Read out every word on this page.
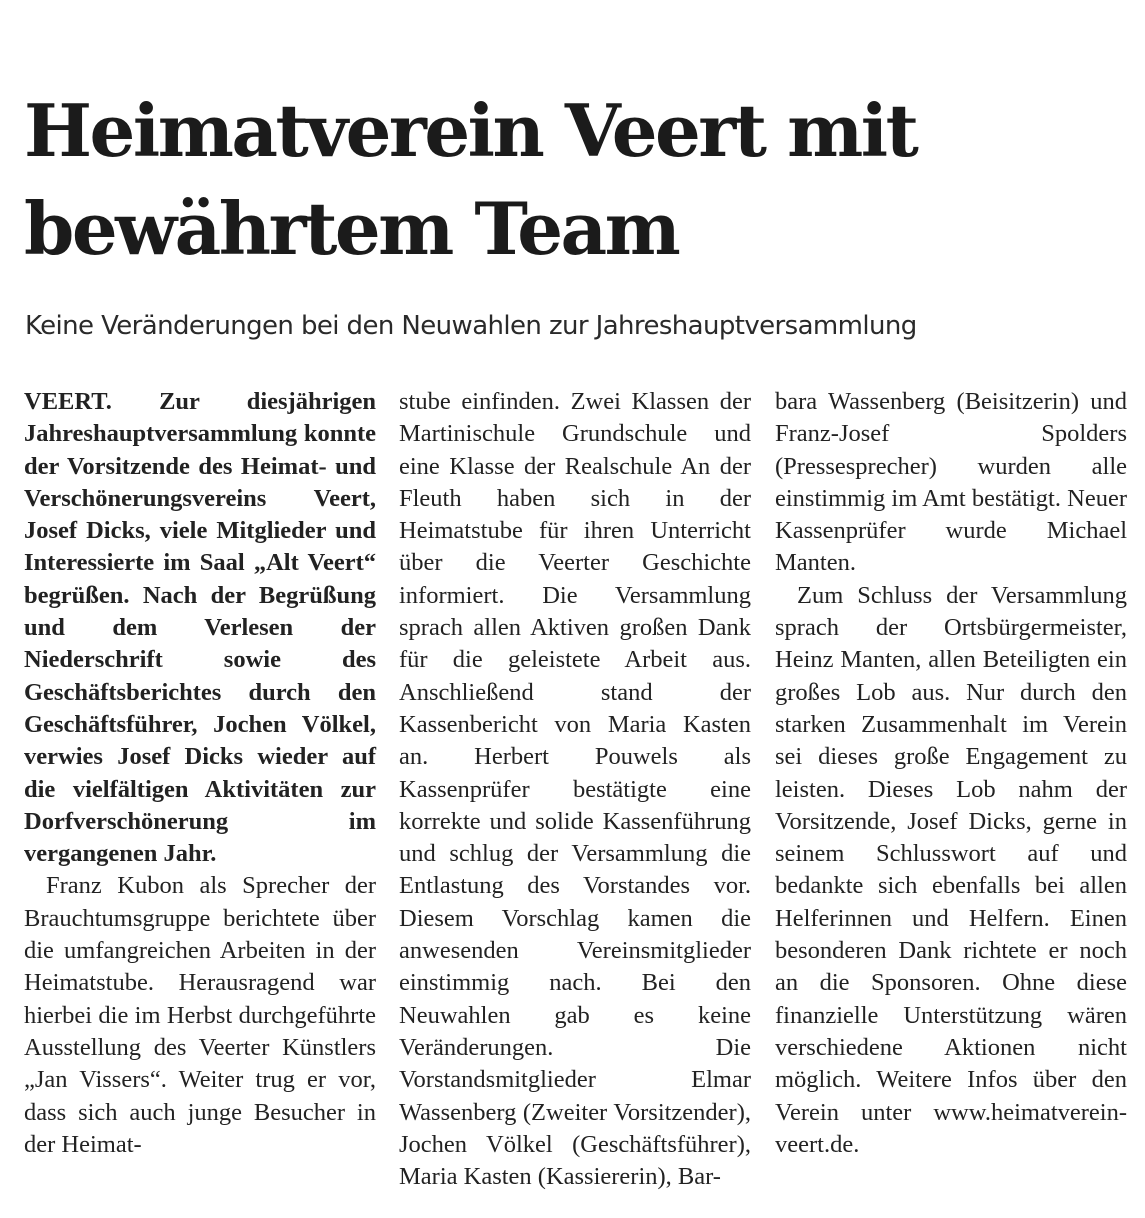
Heimatverein Veert mit
bewährtem Team
Keine Veränderungen bei den Neuwahlen zur Jahreshauptversammlung

VEERT. Zur diesjährigen Jahreshauptversammlung konnte der Vorsitzende des Heimat- und Verschönerungsvereins Veert, Josef Dicks, viele Mitglieder und Interessierte im Saal „Alt Veert“ begrüßen. Nach der Begrüßung und dem Verlesen der Niederschrift sowie des Geschäftsberichtes durch den Geschäftsführer, Jochen Völkel, verwies Josef Dicks wieder auf die vielfältigen Aktivitäten zur Dorfverschönerung im vergangenen Jahr.

Franz Kubon als Sprecher der Brauchtumsgruppe berichtete über die umfangreichen Arbeiten in der Heimatstube. Herausragend war hierbei die im Herbst durchgeführte Ausstellung des Veerter Künstlers „Jan Vissers“. Weiter trug er vor, dass sich auch junge Besucher in der Heimat-

stube einfinden. Zwei Klassen der Martinischule Grundschule und eine Klasse der Realschule An der Fleuth haben sich in der Heimatstube für ihren Unterricht über die Veerter Geschichte informiert. Die Versammlung sprach allen Aktiven großen Dank für die geleistete Arbeit aus. Anschließend stand der Kassenbericht von Maria Kasten an. Herbert Pouwels als Kassenprüfer bestätigte eine korrekte und solide Kassenführung und schlug der Versammlung die Entlastung des Vorstandes vor. Diesem Vorschlag kamen die anwesenden Vereinsmitglieder einstimmig nach. Bei den Neuwahlen gab es keine Veränderungen. Die Vorstandsmitglieder Elmar Wassenberg (Zweiter Vorsitzender), Jochen Völkel (Geschäftsführer), Maria Kasten (Kassiererin), Bar-

bara Wassenberg (Beisitzerin) und Franz-Josef Spolders (Pressesprecher) wurden alle einstimmig im Amt bestätigt. Neuer Kassenprüfer wurde Michael Manten.

Zum Schluss der Versammlung sprach der Ortsbürgermeister, Heinz Manten, allen Beteiligten ein großes Lob aus. Nur durch den starken Zusammenhalt im Verein sei dieses große Engagement zu leisten. Dieses Lob nahm der Vorsitzende, Josef Dicks, gerne in seinem Schlusswort auf und bedankte sich ebenfalls bei allen Helferinnen und Helfern. Einen besonderen Dank richtete er noch an die Sponsoren. Ohne diese finanzielle Unterstützung wären verschiedene Aktionen nicht möglich. Weitere Infos über den Verein unter www.heimatverein-veert.de.
